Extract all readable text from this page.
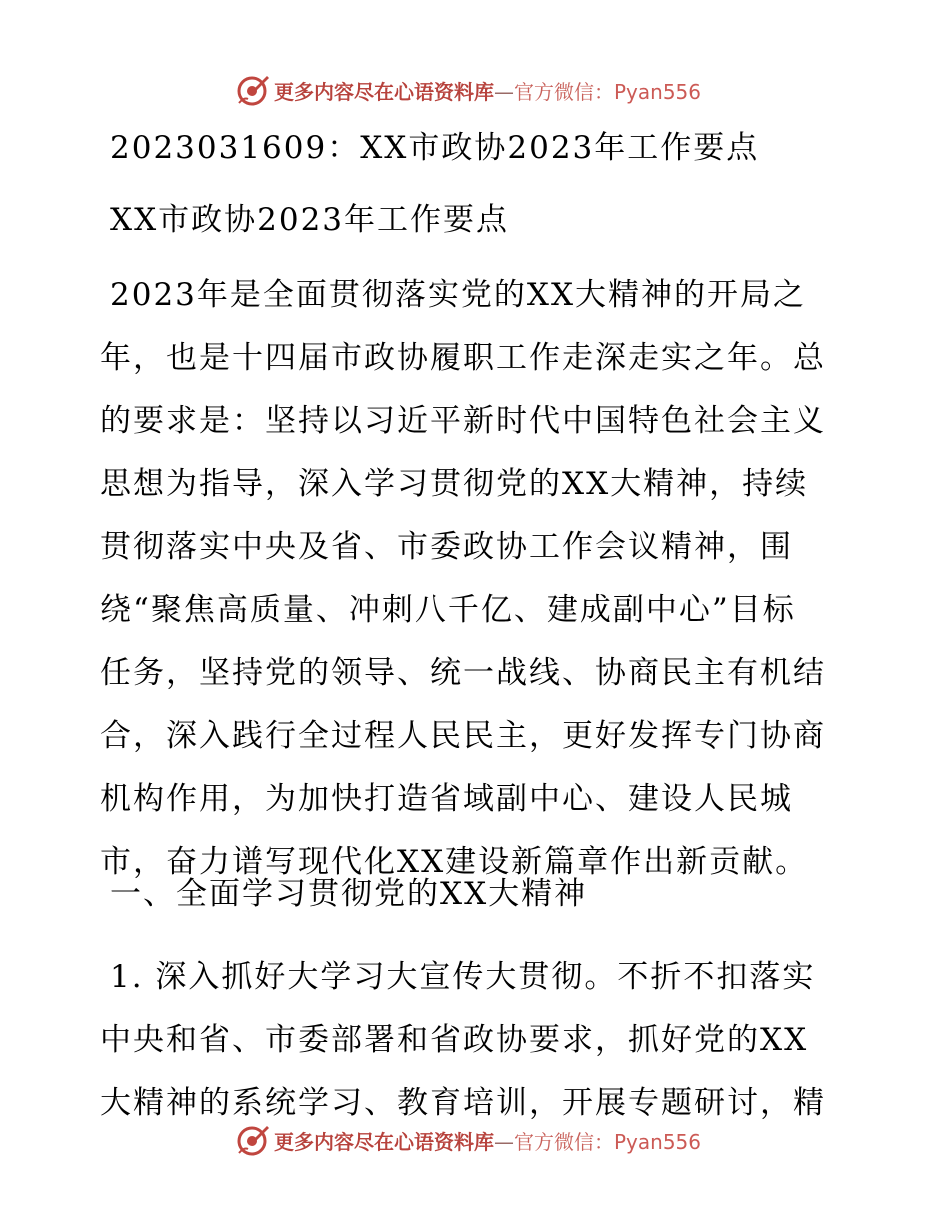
更多内容尽在心语资料库—官方微信：Pyan556
2023031609：XX市政协2023年工作要点
XX市政协2023年工作要点
2023年是全面贯彻落实党的XX大精神的开局之
年，也是十四届市政协履职工作走深走实之年。总
的要求是：坚持以习近平新时代中国特色社会主义
思想为指导，深入学习贯彻党的XX大精神，持续
贯彻落实中央及省、市委政协工作会议精神，围
绕“聚焦高质量、冲刺八千亿、建成副中心”目标
任务，坚持党的领导、统一战线、协商民主有机结
合，深入践行全过程人民民主，更好发挥专门协商
机构作用，为加快打造省域副中心、建设人民城
市，奋力谱写现代化XX建设新篇章作出新贡献。
一、全面学习贯彻党的XX大精神
1. 深入抓好大学习大宣传大贯彻。不折不扣落实
中央和省、市委部署和省政协要求，抓好党的XX
大精神的系统学习、教育培训，开展专题研讨，精
更多内容尽在心语资料库—官方微信：Pyan556
